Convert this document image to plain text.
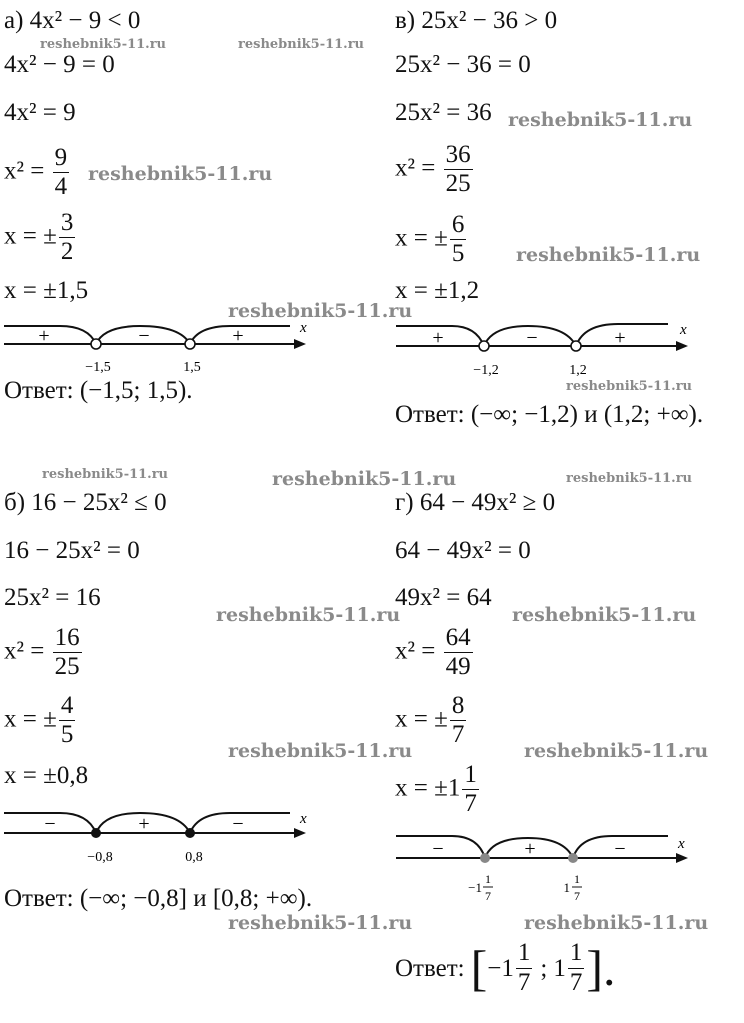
а) 4x² − 9 < 0
4x² − 9 = 0
4x² = 9
$x^2 = \frac{9}{4}$
x = ± $\frac{3}{2}$
x = ±1,5
+	−	+	x
−1,5	1,5
Ответ: (−1,5; 1,5).
в) 25x² − 36 > 0
25x² − 36 = 0
25x² = 36
$x^2 = \frac{36}{25}$
x = ± $\frac{6}{5}$
x = ±1,2
+	−	+	x
−1,2	1,2
Ответ: (−∞; −1,2) и (1,2; +∞).
б) 16 − 25x² ≤ 0
16 − 25x² = 0
25x² = 16
$x^2 = \frac{16}{25}$
x = ± $\frac{4}{5}$
x = ±0,8
−	+	−	x
−0,8	0,8
Ответ: (−∞; −0,8] и [0,8; +∞).
г) 64 − 49x² ≥ 0
64 − 49x² = 0
49x² = 64
$x^2 = \frac{64}{49}$
x = ± $\frac{8}{7}$
$x = \pm 1 \frac{1}{7}$
−	+	−	x
−1
1
7
1
1
7
Ответ: [ $-1 \frac{1}{7}$ ; $1 \frac{1}{7}$ ].
reshebnik5-11.ru	reshebnik5-11.ru
reshebnik5-11.ru
reshebnik5-11.ru
reshebnik5-11.ru
reshebnik5-11.ru
reshebnik5-11.ru
reshebnik5-11.ru	reshebnik5-11.ru	reshebnik5-11.ru
reshebnik5-11.ru	reshebnik5-11.ru
reshebnik5-11.ru	reshebnik5-11.ru
reshebnik5-11.ru	reshebnik5-11.ru
